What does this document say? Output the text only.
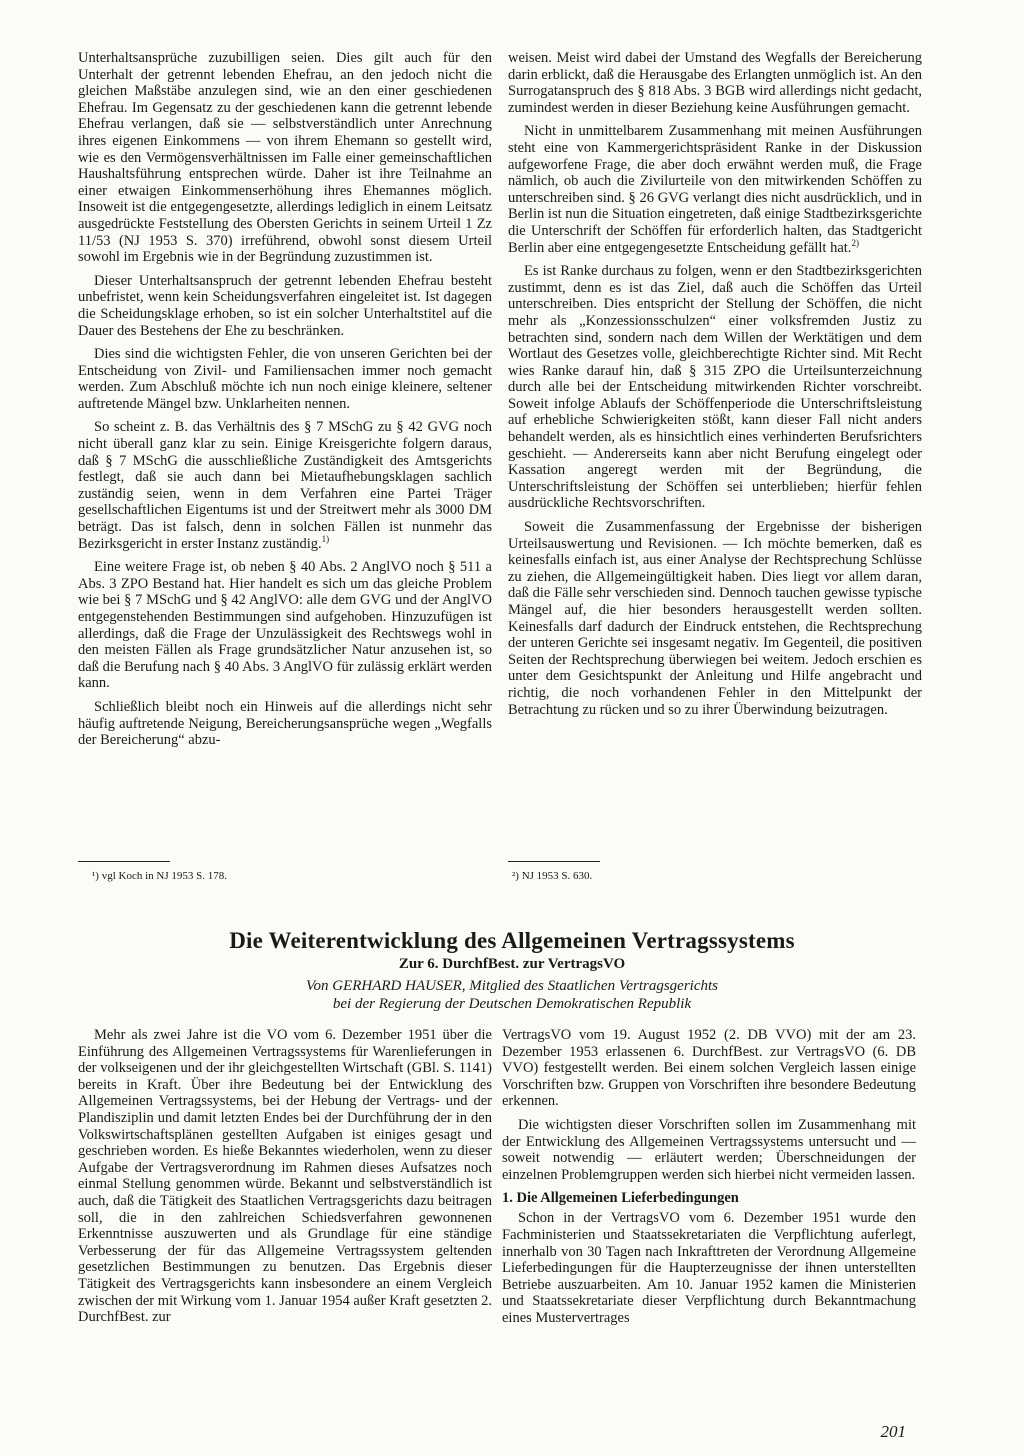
Unterhaltsansprüche zuzubilligen seien. Dies gilt auch für den Unterhalt der getrennt lebenden Ehefrau, an den jedoch nicht die gleichen Maßstäbe anzulegen sind, wie an den einer geschiedenen Ehefrau. Im Gegensatz zu der geschiedenen kann die getrennt lebende Ehefrau verlangen, daß sie — selbstverständlich unter Anrechnung ihres eigenen Einkommens — von ihrem Ehemann so gestellt wird, wie es den Vermögensverhältnissen im Falle einer gemeinschaftlichen Haushaltsführung entsprechen würde. Daher ist ihre Teilnahme an einer etwaigen Einkommenserhöhung ihres Ehemannes möglich. Insoweit ist die entgegengesetzte, allerdings lediglich in einem Leitsatz ausgedrückte Feststellung des Obersten Gerichts in seinem Urteil 1 Zz 11/53 (NJ 1953 S. 370) irreführend, obwohl sonst diesem Urteil sowohl im Ergebnis wie in der Begründung zuzustimmen ist.

Dieser Unterhaltsanspruch der getrennt lebenden Ehefrau besteht unbefristet, wenn kein Scheidungsverfahren eingeleitet ist. Ist dagegen die Scheidungsklage erhoben, so ist ein solcher Unterhaltstitel auf die Dauer des Bestehens der Ehe zu beschränken.

Dies sind die wichtigsten Fehler, die von unseren Gerichten bei der Entscheidung von Zivil- und Familiensachen immer noch gemacht werden. Zum Abschluß möchte ich nun noch einige kleinere, seltener auftretende Mängel bzw. Unklarheiten nennen.

So scheint z. B. das Verhältnis des § 7 MSchG zu § 42 GVG noch nicht überall ganz klar zu sein. Einige Kreisgerichte folgern daraus, daß § 7 MSchG die ausschließliche Zuständigkeit des Amtsgerichts festlegt, daß sie auch dann bei Mietaufhebungsklagen sachlich zuständig seien, wenn in dem Verfahren eine Partei Träger gesellschaftlichen Eigentums ist und der Streitwert mehr als 3000 DM beträgt. Das ist falsch, denn in solchen Fällen ist nunmehr das Bezirksgericht in erster Instanz zuständig.$^{1)}$

Eine weitere Frage ist, ob neben § 40 Abs. 2 AnglVO noch § 511 a Abs. 3 ZPO Bestand hat. Hier handelt es sich um das gleiche Problem wie bei § 7 MSchG und § 42 AnglVO: alle dem GVG und der AnglVO entgegenstehenden Bestimmungen sind aufgehoben. Hinzuzufügen ist allerdings, daß die Frage der Unzulässigkeit des Rechtswegs wohl in den meisten Fällen als Frage grundsätzlicher Natur anzusehen ist, so daß die Berufung nach § 40 Abs. 3 AnglVO für zulässig erklärt werden kann.

Schließlich bleibt noch ein Hinweis auf die allerdings nicht sehr häufig auftretende Neigung, Bereicherungsansprüche wegen „Wegfalls der Bereicherung“ abzu-

weisen. Meist wird dabei der Umstand des Wegfalls der Bereicherung darin erblickt, daß die Herausgabe des Erlangten unmöglich ist. An den Surrogatanspruch des § 818 Abs. 3 BGB wird allerdings nicht gedacht, zumindest werden in dieser Beziehung keine Ausführungen gemacht.

Nicht in unmittelbarem Zusammenhang mit meinen Ausführungen steht eine von Kammergerichtspräsident Ranke in der Diskussion aufgeworfene Frage, die aber doch erwähnt werden muß, die Frage nämlich, ob auch die Zivilurteile von den mitwirkenden Schöffen zu unterschreiben sind. § 26 GVG verlangt dies nicht ausdrücklich, und in Berlin ist nun die Situation eingetreten, daß einige Stadtbezirksgerichte die Unterschrift der Schöffen für erforderlich halten, das Stadtgericht Berlin aber eine entgegengesetzte Entscheidung gefällt hat.$^{2)}$

Es ist Ranke durchaus zu folgen, wenn er den Stadtbezirksgerichten zustimmt, denn es ist das Ziel, daß auch die Schöffen das Urteil unterschreiben. Dies entspricht der Stellung der Schöffen, die nicht mehr als „Konzessionsschulzen“ einer volksfremden Justiz zu betrachten sind, sondern nach dem Willen der Werktätigen und dem Wortlaut des Gesetzes volle, gleichberechtigte Richter sind. Mit Recht wies Ranke darauf hin, daß § 315 ZPO die Urteilsunterzeichnung durch alle bei der Entscheidung mitwirkenden Richter vorschreibt. Soweit infolge Ablaufs der Schöffenperiode die Unterschriftsleistung auf erhebliche Schwierigkeiten stößt, kann dieser Fall nicht anders behandelt werden, als es hinsichtlich eines verhinderten Berufsrichters geschieht. — Andererseits kann aber nicht Berufung eingelegt oder Kassation angeregt werden mit der Begründung, die Unterschriftsleistung der Schöffen sei unterblieben; hierfür fehlen ausdrückliche Rechtsvorschriften.

Soweit die Zusammenfassung der Ergebnisse der bisherigen Urteilsauswertung und Revisionen. — Ich möchte bemerken, daß es keinesfalls einfach ist, aus einer Analyse der Rechtsprechung Schlüsse zu ziehen, die Allgemeingültigkeit haben. Dies liegt vor allem daran, daß die Fälle sehr verschieden sind. Dennoch tauchen gewisse typische Mängel auf, die hier besonders herausgestellt werden sollten. Keinesfalls darf dadurch der Eindruck entstehen, die Rechtsprechung der unteren Gerichte sei insgesamt negativ. Im Gegenteil, die positiven Seiten der Rechtsprechung überwiegen bei weitem. Jedoch erschien es unter dem Gesichtspunkt der Anleitung und Hilfe angebracht und richtig, die noch vorhandenen Fehler in den Mittelpunkt der Betrachtung zu rücken und so zu ihrer Überwindung beizutragen.

¹) vgl Koch in NJ 1953 S. 178.	²) NJ 1953 S. 630.
Die Weiterentwicklung des Allgemeinen Vertragssystems
Zur 6. DurchfBest. zur VertragsVO
Von GERHARD HAUSER, Mitglied des Staatlichen Vertragsgerichts
bei der Regierung der Deutschen Demokratischen Republik

Mehr als zwei Jahre ist die VO vom 6. Dezember 1951 über die Einführung des Allgemeinen Vertragssystems für Warenlieferungen in der volkseigenen und der ihr gleichgestellten Wirtschaft (GBl. S. 1141) bereits in Kraft. Über ihre Bedeutung bei der Entwicklung des Allgemeinen Vertragssystems, bei der Hebung der Vertrags- und der Plandisziplin und damit letzten Endes bei der Durchführung der in den Volkswirtschaftsplänen gestellten Aufgaben ist einiges gesagt und geschrieben worden. Es hieße Bekanntes wiederholen, wenn zu dieser Aufgabe der Vertragsverordnung im Rahmen dieses Aufsatzes noch einmal Stellung genommen würde. Bekannt und selbstverständlich ist auch, daß die Tätigkeit des Staatlichen Vertragsgerichts dazu beitragen soll, die in den zahlreichen Schiedsverfahren gewonnenen Erkenntnisse auszuwerten und als Grundlage für eine ständige Verbesserung der für das Allgemeine Vertragssystem geltenden gesetzlichen Bestimmungen zu benutzen. Das Ergebnis dieser Tätigkeit des Vertragsgerichts kann insbesondere an einem Vergleich zwischen der mit Wirkung vom 1. Januar 1954 außer Kraft gesetzten 2. DurchfBest. zur

VertragsVO vom 19. August 1952 (2. DB VVO) mit der am 23. Dezember 1953 erlassenen 6. DurchfBest. zur VertragsVO (6. DB VVO) festgestellt werden. Bei einem solchen Vergleich lassen einige Vorschriften bzw. Gruppen von Vorschriften ihre besondere Bedeutung erkennen.

Die wichtigsten dieser Vorschriften sollen im Zusammenhang mit der Entwicklung des Allgemeinen Vertragssystems untersucht und — soweit notwendig — erläutert werden; Überschneidungen der einzelnen Problemgruppen werden sich hierbei nicht vermeiden lassen.

1. Die Allgemeinen Lieferbedingungen

Schon in der VertragsVO vom 6. Dezember 1951 wurde den Fachministerien und Staatssekretariaten die Verpflichtung auferlegt, innerhalb von 30 Tagen nach Inkrafttreten der Verordnung Allgemeine Lieferbedingungen für die Haupterzeugnisse der ihnen unterstellten Betriebe auszuarbeiten. Am 10. Januar 1952 kamen die Ministerien und Staatssekretariate dieser Verpflichtung durch Bekanntmachung eines Mustervertrages

201
